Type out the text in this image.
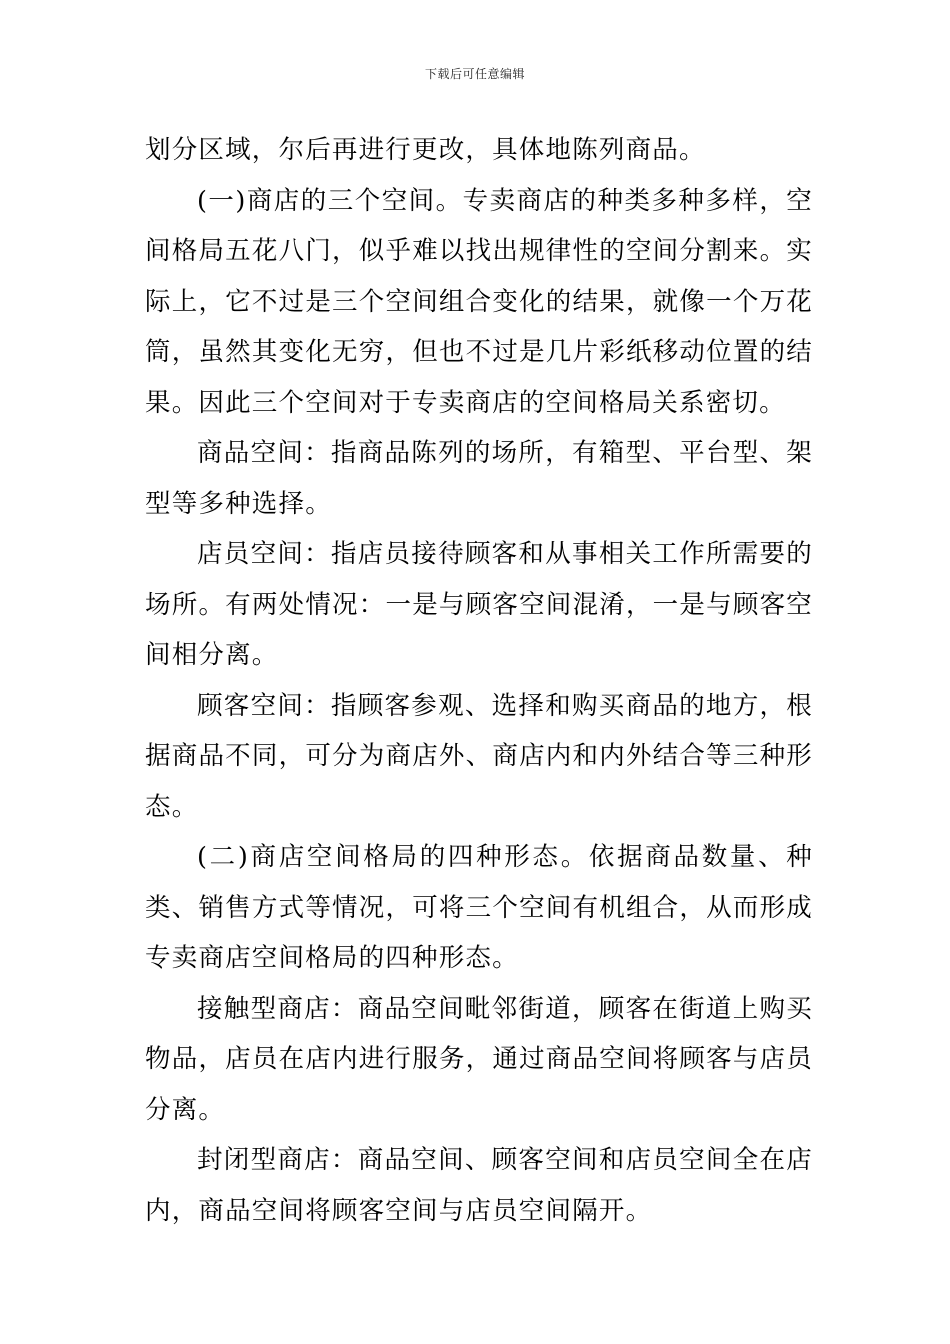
下载后可任意编辑

划分区域，尔后再进行更改，具体地陈列商品。

(一)商店的三个空间。专卖商店的种类多种多样，空间格局五花八门，似乎难以找出规律性的空间分割来。实际上，它不过是三个空间组合变化的结果，就像一个万花筒，虽然其变化无穷，但也不过是几片彩纸移动位置的结果。因此三个空间对于专卖商店的空间格局关系密切。

商品空间：指商品陈列的场所，有箱型、平台型、架型等多种选择。

店员空间：指店员接待顾客和从事相关工作所需要的场所。有两处情况：一是与顾客空间混淆，一是与顾客空间相分离。

顾客空间：指顾客参观、选择和购买商品的地方，根据商品不同，可分为商店外、商店内和内外结合等三种形态。

(二)商店空间格局的四种形态。依据商品数量、种类、销售方式等情况，可将三个空间有机组合，从而形成专卖商店空间格局的四种形态。

接触型商店：商品空间毗邻街道，顾客在街道上购买物品，店员在店内进行服务，通过商品空间将顾客与店员分离。

封闭型商店：商品空间、顾客空间和店员空间全在店内，商品空间将顾客空间与店员空间隔开。
